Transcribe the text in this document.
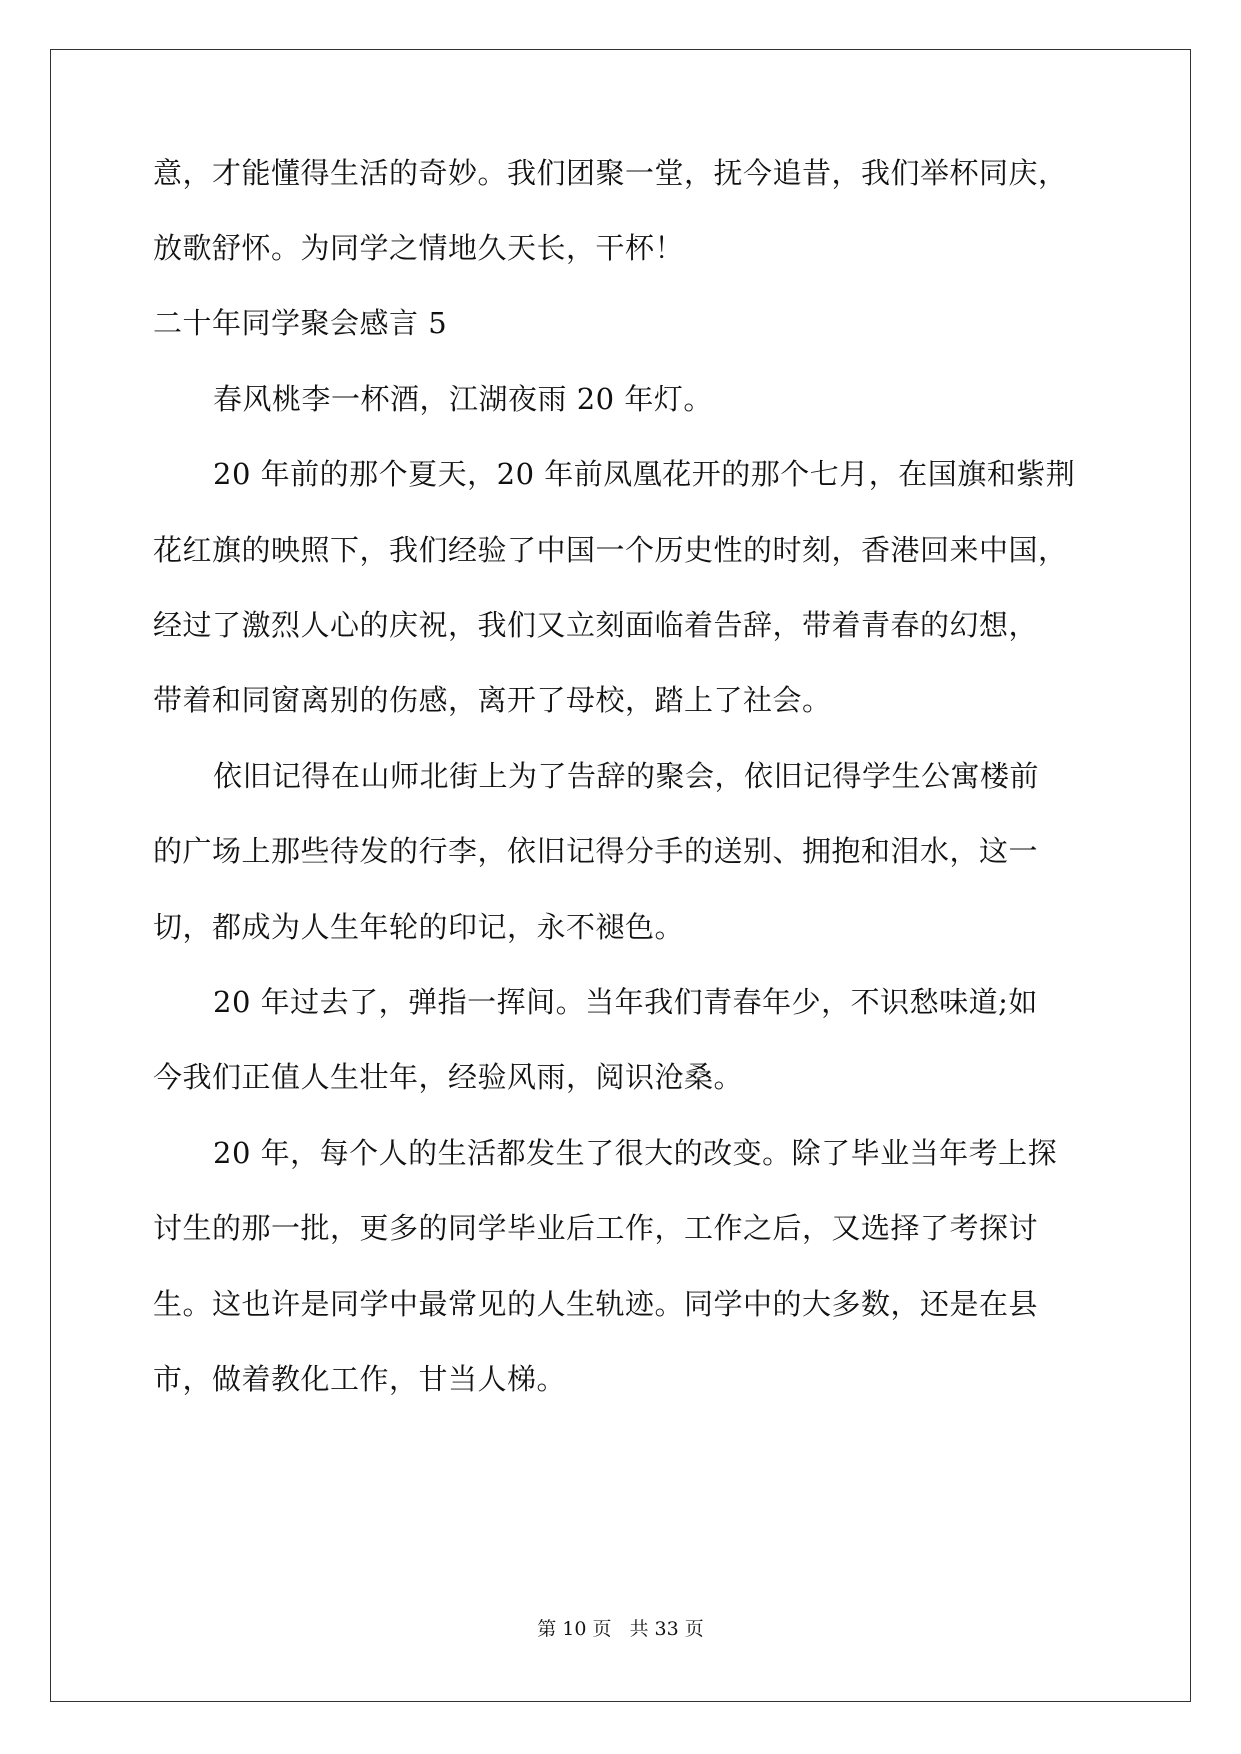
意，才能懂得生活的奇妙。我们团聚一堂，抚今追昔，我们举杯同庆，
放歌舒怀。为同学之情地久天长，干杯！
二十年同学聚会感言 5
春风桃李一杯酒，江湖夜雨 20 年灯。
20 年前的那个夏天，20 年前凤凰花开的那个七月，在国旗和紫荆
花红旗的映照下，我们经验了中国一个历史性的时刻，香港回来中国，
经过了激烈人心的庆祝，我们又立刻面临着告辞，带着青春的幻想，
带着和同窗离别的伤感，离开了母校，踏上了社会。
依旧记得在山师北街上为了告辞的聚会，依旧记得学生公寓楼前
的广场上那些待发的行李，依旧记得分手的送别、拥抱和泪水，这一
切，都成为人生年轮的印记，永不褪色。
20 年过去了，弹指一挥间。当年我们青春年少，不识愁味道;如
今我们正值人生壮年，经验风雨，阅识沧桑。
20 年，每个人的生活都发生了很大的改变。除了毕业当年考上探
讨生的那一批，更多的同学毕业后工作，工作之后，又选择了考探讨
生。这也许是同学中最常见的人生轨迹。同学中的大多数，还是在县
市，做着教化工作，甘当人梯。
第 10 页 共 33 页
